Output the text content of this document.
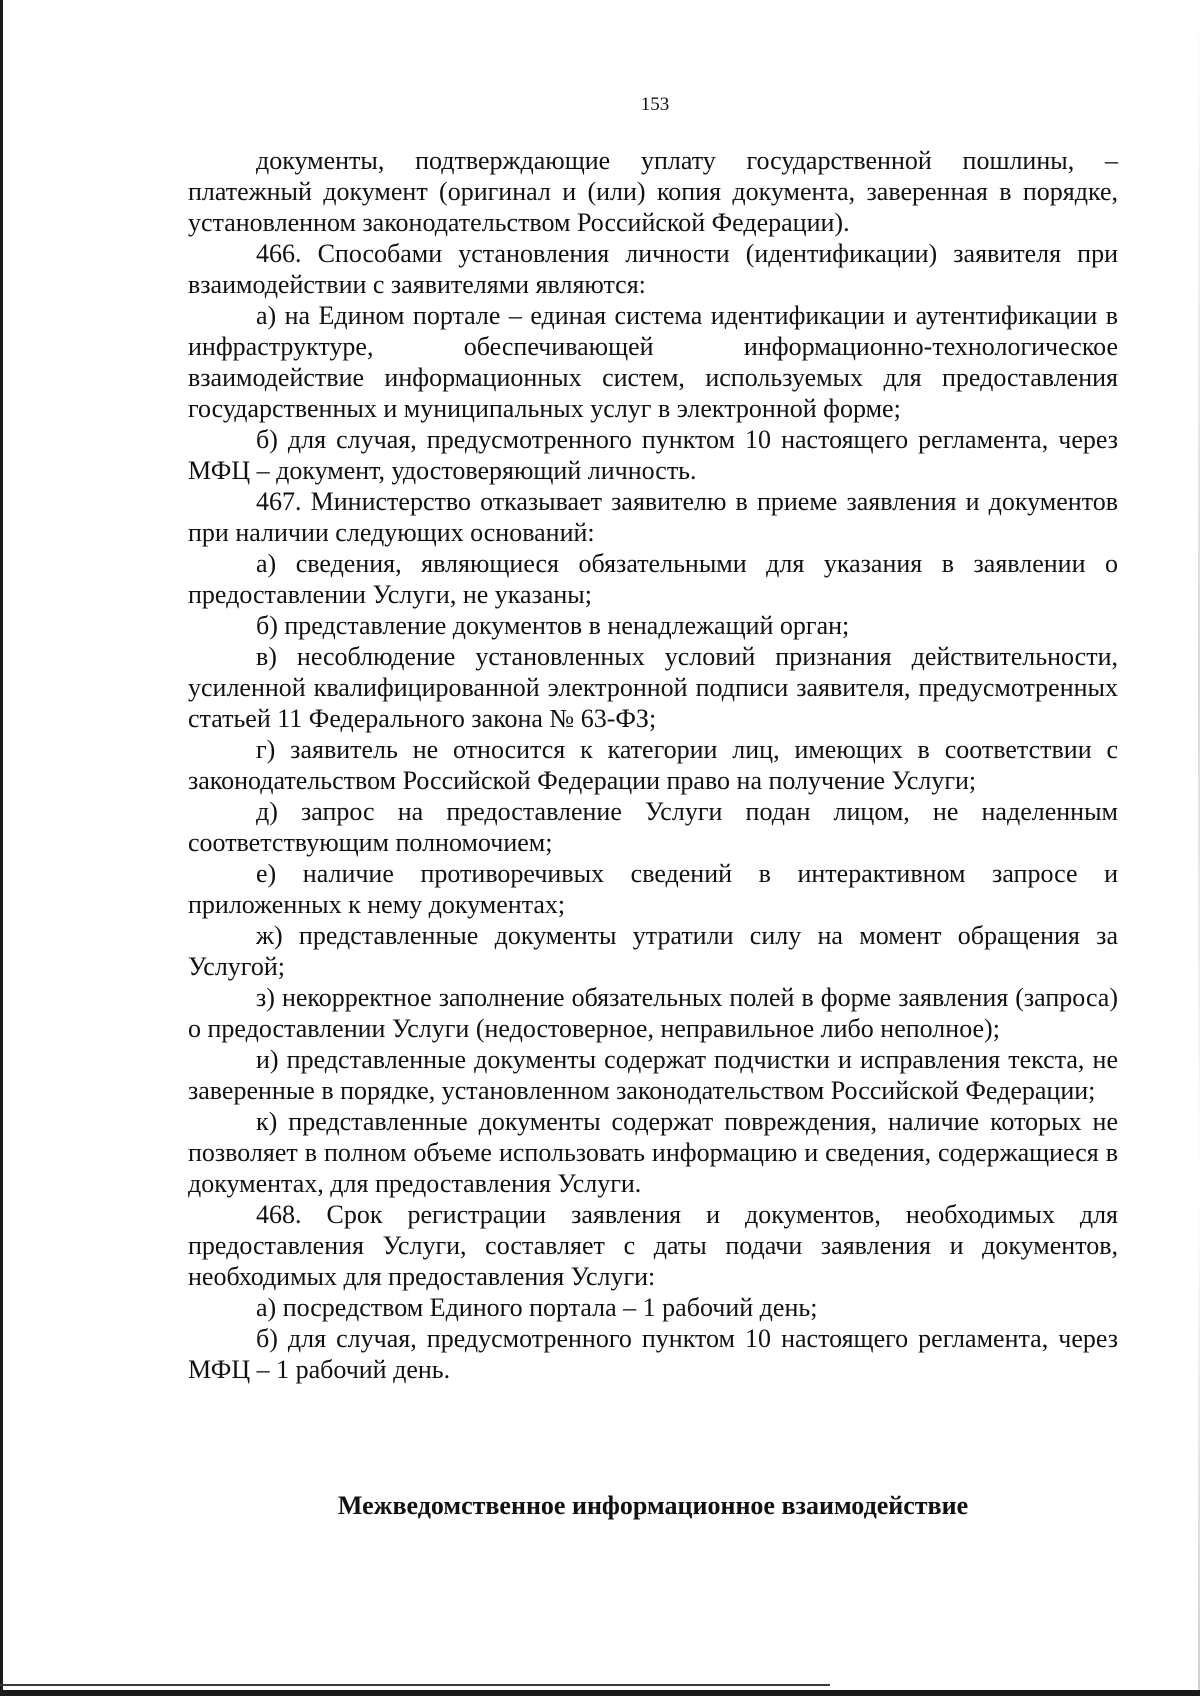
153

документы, подтверждающие уплату государственной пошлины, – платежный документ (оригинал и (или) копия документа, заверенная в порядке, установленном законодательством Российской Федерации).

466. Способами установления личности (идентификации) заявителя при взаимодействии с заявителями являются:

а) на Едином портале – единая система идентификации и аутентификации в инфраструктуре, обеспечивающей информационно-технологическое взаимодействие информационных систем, используемых для предоставления государственных и муниципальных услуг в электронной форме;

б) для случая, предусмотренного пунктом 10 настоящего регламента, через МФЦ – документ, удостоверяющий личность.

467. Министерство отказывает заявителю в приеме заявления и документов при наличии следующих оснований:

а) сведения, являющиеся обязательными для указания в заявлении о предоставлении Услуги, не указаны;

б) представление документов в ненадлежащий орган;

в) несоблюдение установленных условий признания действительности, усиленной квалифицированной электронной подписи заявителя, предусмотренных статьей 11 Федерального закона № 63-ФЗ;

г) заявитель не относится к категории лиц, имеющих в соответствии с законодательством Российской Федерации право на получение Услуги;

д) запрос на предоставление Услуги подан лицом, не наделенным соответствующим полномочием;

е) наличие противоречивых сведений в интерактивном запросе и приложенных к нему документах;

ж) представленные документы утратили силу на момент обращения за Услугой;

з) некорректное заполнение обязательных полей в форме заявления (запроса) о предоставлении Услуги (недостоверное, неправильное либо неполное);

и) представленные документы содержат подчистки и исправления текста, не заверенные в порядке, установленном законодательством Российской Федерации;

к) представленные документы содержат повреждения, наличие которых не позволяет в полном объеме использовать информацию и сведения, содержащиеся в документах, для предоставления Услуги.

468. Срок регистрации заявления и документов, необходимых для предоставления Услуги, составляет с даты подачи заявления и документов, необходимых для предоставления Услуги:

а) посредством Единого портала – 1 рабочий день;

б) для случая, предусмотренного пунктом 10 настоящего регламента, через МФЦ – 1 рабочий день.

Межведомственное информационное взаимодействие
